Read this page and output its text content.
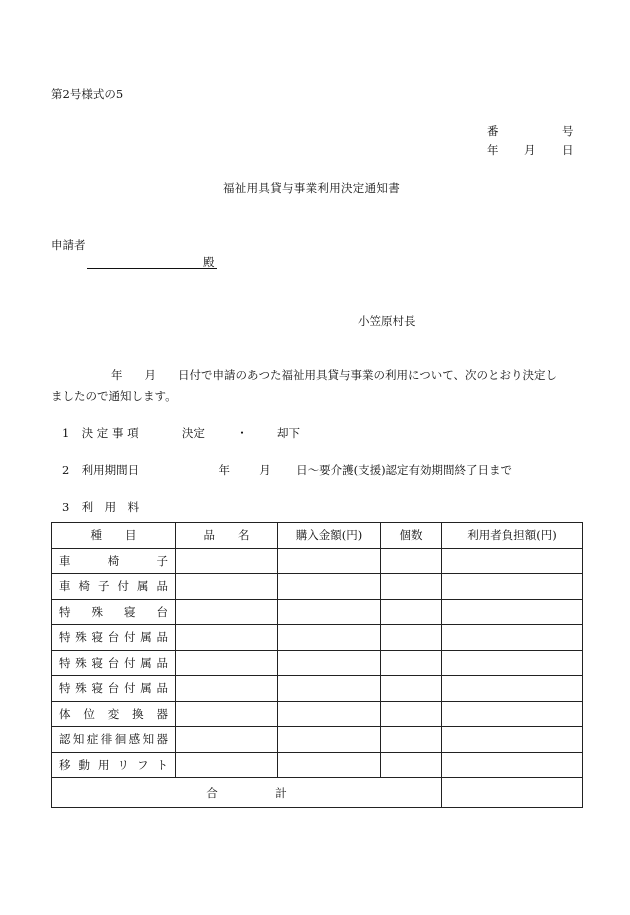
第2号様式の5
番	号
年 月 日
福祉用具貸与事業利用決定通知書
申請者
殿
小笠原村長
年 月 日付で申請のあつた福祉用具貸与事業の利用について、次のとおり決定し
ましたので通知します。
1 決 定 事 項	決定	・	却下
2 利用期間日	年	月 日〜要介護(支援)認定有効期間終了日まで
3 利　用　料
種　　目	品　　名	購入金額(円)	個数	利用者負担額(円)
車椅子				
車椅子付属品				
特殊寝台				
特殊寝台付属品				
特殊寝台付属品				
特殊寝台付属品				
体位変換器				
認知症徘徊感知器				
移動用リフト				
合　　　　　計				
